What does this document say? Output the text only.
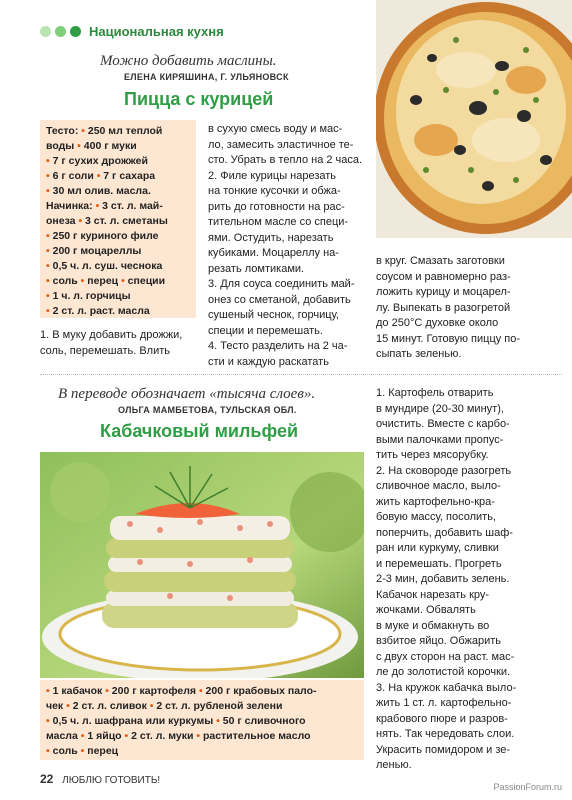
Национальная кухня
Можно добавить маслины.
ЕЛЕНА КИРЯШИНА, Г. УЛЬЯНОВСК
Пицца с курицей
Тесто: • 250 мл теплой
воды • 400 г муки
• 7 г сухих дрожжей
• 6 г соли • 7 г сахара
• 30 мл олив. масла.
Начинка: • 3 ст. л. май-
онеза • 3 ст. л. сметаны
• 250 г куриного филе
• 200 г моцареллы
• 0,5 ч. л. суш. чеснока
• соль • перец • специи
• 1 ч. л. горчицы
• 2 ст. л. раст. масла

1. В муку добавить дрожжи, соль, перемешать. Влить

в сухую смесь воду и мас-
ло, замесить эластичное те-
сто. Убрать в тепло на 2 часа.
2. Филе курицы нарезать
на тонкие кусочки и обжа-
рить до готовности на рас-
тительном масле со специ-
ями. Остудить, нарезать
кубиками. Моцареллу на-
резать ломтиками.
3. Для соуса соединить май-
онез со сметаной, добавить
сушеный чеснок, горчицу,
специи и перемешать.
4. Тесто разделить на 2 ча-
сти и каждую раскатать
в круг. Смазать заготовки
соусом и равномерно раз-
ложить курицу и моцарел-
лу. Выпекать в разогретой
до 250°С духовке около
15 минут. Готовую пиццу по-
сыпать зеленью.
В переводе обозначает «тысяча слоев».
ОЛЬГА МАМБЕТОВА, ТУЛЬСКАЯ ОБЛ.
Кабачковый мильфей
• 1 кабачок • 200 г картофеля • 200 г крабовых пало-
чек • 2 ст. л. сливок • 2 ст. л. рубленой зелени
• 0,5 ч. л. шафрана или куркумы • 50 г сливочного
масла • 1 яйцо • 2 ст. л. муки • растительное масло
• соль • перец
1. Картофель отварить
в мундире (20-30 минут),
очистить. Вместе с карбо-
выми палочками пропус-
тить через мясорубку.
2. На сковороде разогреть
сливочное масло, выло-
жить картофельно-кра-
бовую массу, посолить,
поперчить, добавить шаф-
ран или куркуму, сливки
и перемешать. Прогреть
2-3 мин, добавить зелень.
Кабачок нарезать кру-
жочками. Обвалять
в муке и обмакнуть во
взбитое яйцо. Обжарить
с двух сторон на раст. мас-
ле до золотистой корочки.
3. На кружок кабачка выло-
жить 1 ст. л. картофельно-
крабового пюре и разров-
нять. Так чередовать слои.
Украсить помидором и зе-
ленью.
22 ЛЮБЛЮ ГОТОВИТЬ!
PassionForum.ru
